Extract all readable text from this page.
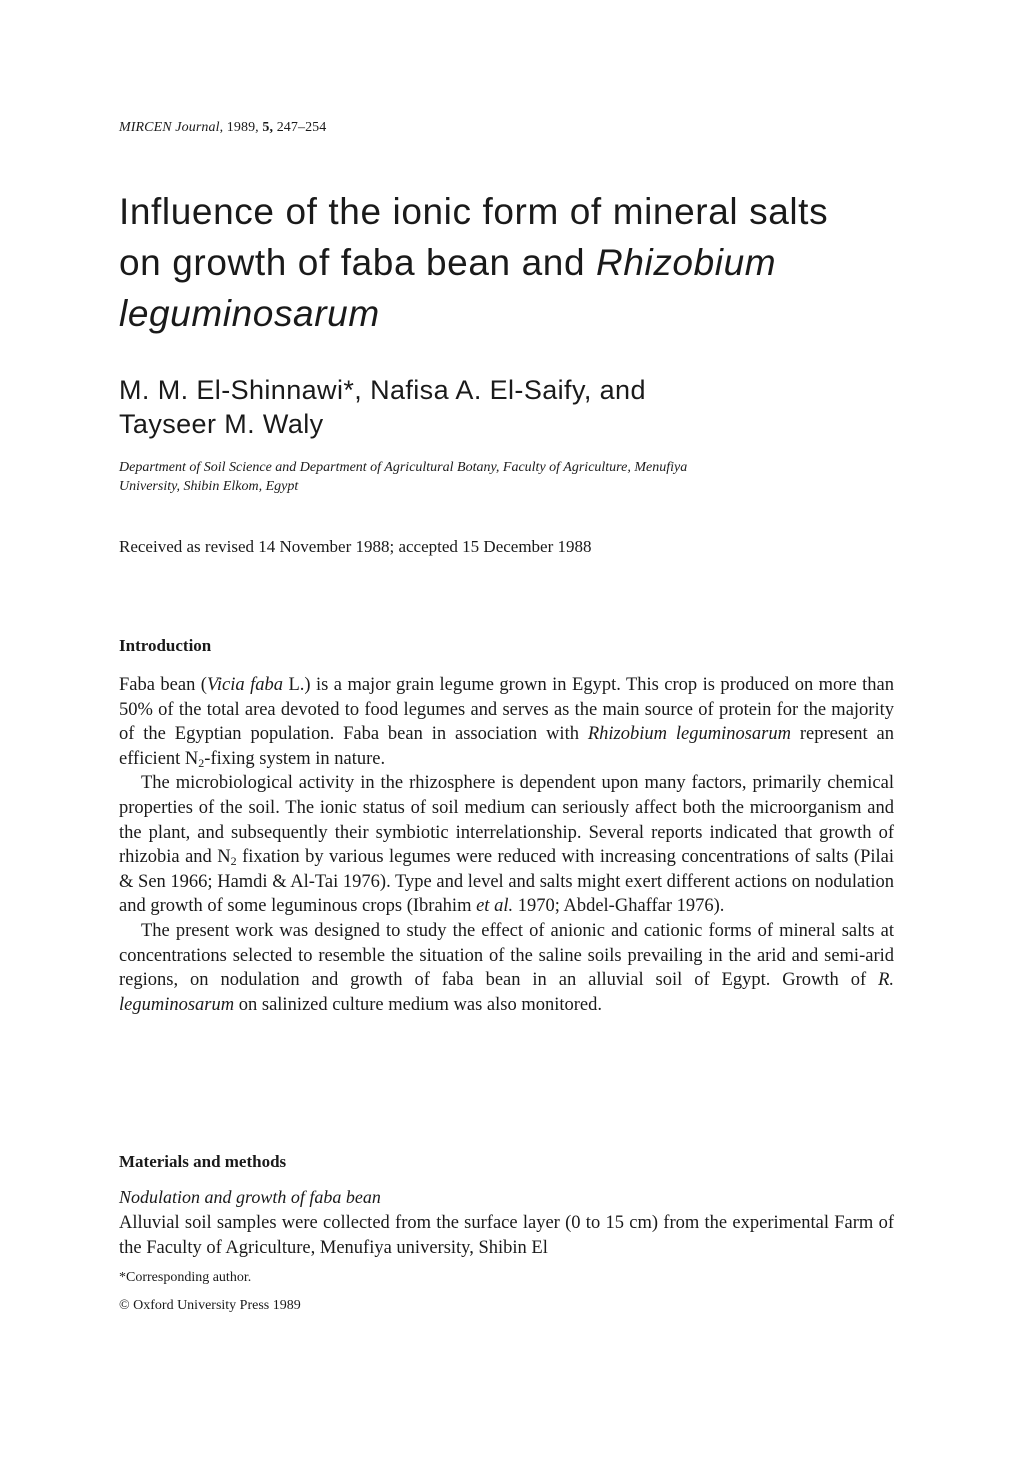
MIRCEN Journal, 1989, 5, 247–254
Influence of the ionic form of mineral salts
on growth of faba bean and Rhizobium
leguminosarum
M. M. El-Shinnawi*, Nafisa A. El-Saify, and
Tayseer M. Waly
Department of Soil Science and Department of Agricultural Botany, Faculty of Agriculture, Menufiya
University, Shibin Elkom, Egypt
Received as revised 14 November 1988; accepted 15 December 1988
Introduction

Faba bean (Vicia faba L.) is a major grain legume grown in Egypt. This crop is produced on more than 50% of the total area devoted to food legumes and serves as the main source of protein for the majority of the Egyptian population. Faba bean in association with Rhizobium leguminosarum represent an efficient $N_2$-fixing system in nature.

The microbiological activity in the rhizosphere is dependent upon many factors, primarily chemical properties of the soil. The ionic status of soil medium can seriously affect both the microorganism and the plant, and subsequently their symbiotic interrelationship. Several reports indicated that growth of rhizobia and $N_2$ fixation by various legumes were reduced with increasing concentrations of salts (Pilai & Sen 1966; Hamdi & Al-Tai 1976). Type and level and salts might exert different actions on nodulation and growth of some leguminous crops (Ibrahim et al. 1970; Abdel-Ghaffar 1976).

The present work was designed to study the effect of anionic and cationic forms of mineral salts at concentrations selected to resemble the situation of the saline soils prevailing in the arid and semi-arid regions, on nodulation and growth of faba bean in an alluvial soil of Egypt. Growth of R. leguminosarum on salinized culture medium was also monitored.

Materials and methods
Nodulation and growth of faba bean

Alluvial soil samples were collected from the surface layer (0 to 15 cm) from the experimental Farm of the Faculty of Agriculture, Menufiya university, Shibin El

*Corresponding author.
© Oxford University Press 1989
